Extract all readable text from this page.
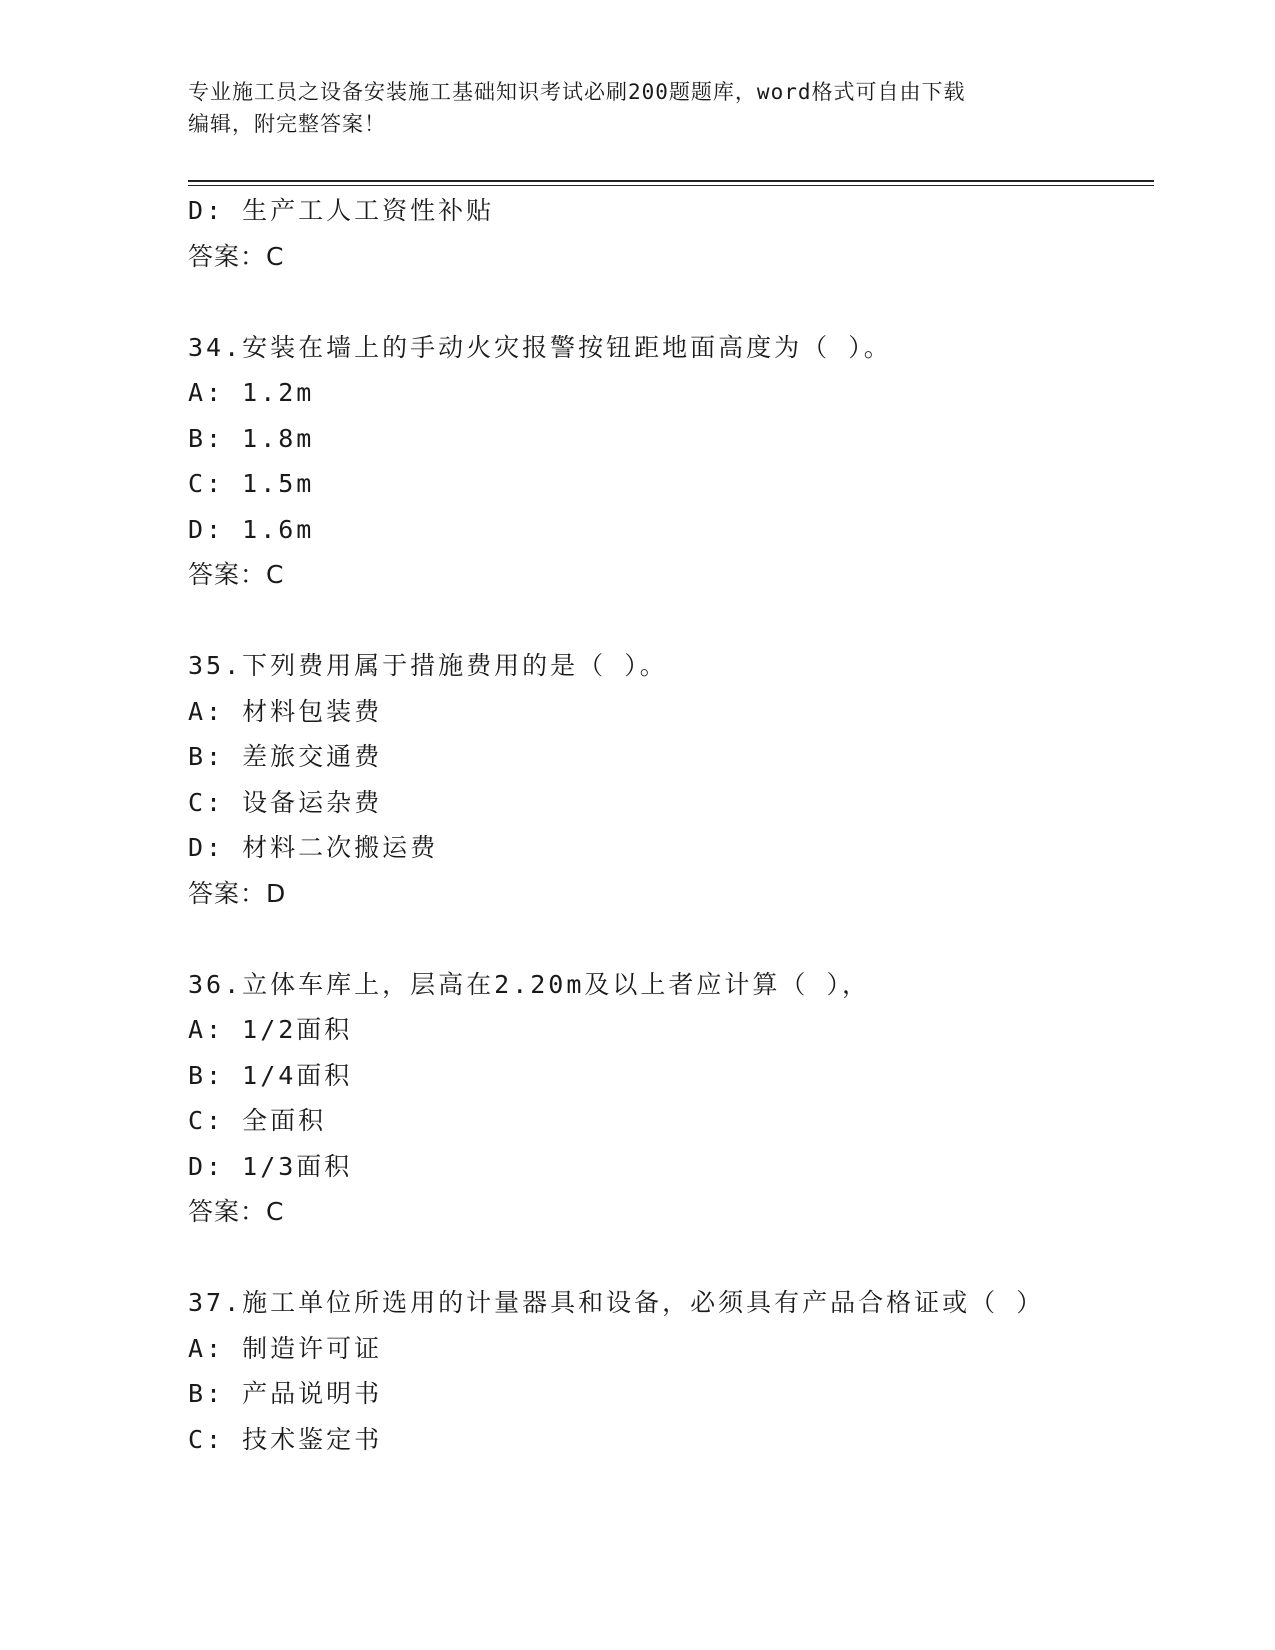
专业施工员之设备安装施工基础知识考试必刷200题题库，word格式可自由下载
编辑，附完整答案！
D: 生产工人工资性补贴
答案：C
34.安装在墙上的手动火灾报警按钮距地面高度为（ ）。
A: 1.2m
B: 1.8m
C: 1.5m
D: 1.6m
答案：C
35.下列费用属于措施费用的是（ ）。
A: 材料包装费
B: 差旅交通费
C: 设备运杂费
D: 材料二次搬运费
答案：D
36.立体车库上，层高在2.20m及以上者应计算（ ），
A: 1/2面积
B: 1/4面积
C: 全面积
D: 1/3面积
答案：C
37.施工单位所选用的计量器具和设备，必须具有产品合格证或（ ）
A: 制造许可证
B: 产品说明书
C: 技术鉴定书
